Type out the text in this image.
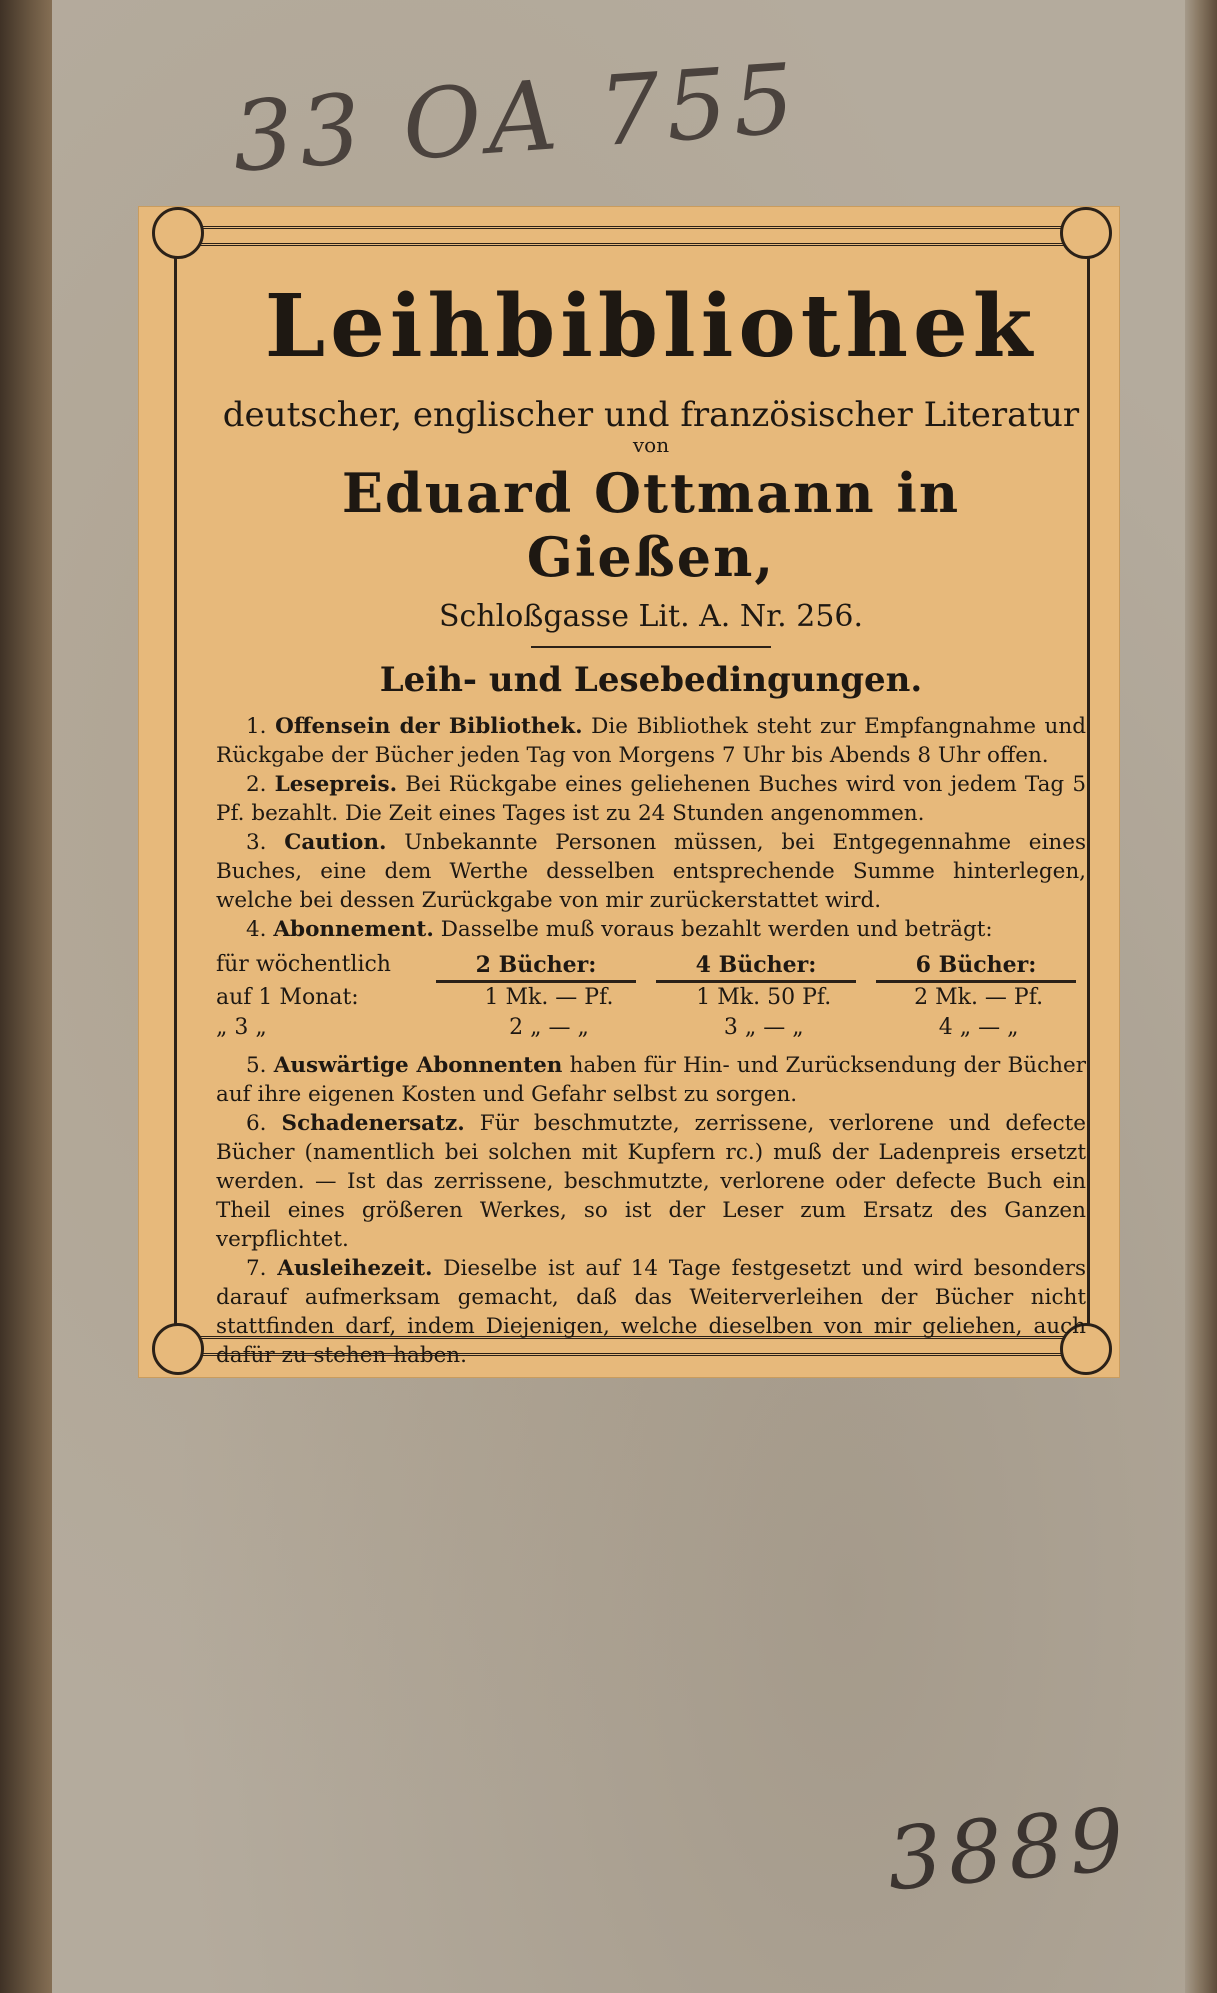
33 OA 755
Leihbibliothek
deutscher, englischer und französischer Literatur
von
Eduard Ottmann in Gießen,
Schloßgasse Lit. A. Nr. 256.
Leih- und Lesebedingungen.

1. Offensein der Bibliothek. Die Bibliothek steht zur Empfangnahme und Rückgabe der Bücher jeden Tag von Morgens 7 Uhr bis Abends 8 Uhr offen.

2. Lesepreis. Bei Rückgabe eines geliehenen Buches wird von jedem Tag 5 Pf. bezahlt. Die Zeit eines Tages ist zu 24 Stunden angenommen.

3. Caution. Unbekannte Personen müssen, bei Entgegennahme eines Buches, eine dem Werthe desselben entsprechende Summe hinterlegen, welche bei dessen Zurückgabe von mir zurückerstattet wird.

4. Abonnement. Dasselbe muß voraus bezahlt werden und beträgt:

für wöchentlich	2 Bücher:	4 Bücher:	6 Bücher:
auf 1 Monat:	1 Mk. — Pf.	1 Mk. 50 Pf.	2 Mk. — Pf.
„ 3 „	2 „ — „	3 „ — „	4 „ — „

5. Auswärtige Abonnenten haben für Hin- und Zurücksendung der Bücher auf ihre eigenen Kosten und Gefahr selbst zu sorgen.

6. Schadenersatz. Für beschmutzte, zerrissene, verlorene und defecte Bücher (namentlich bei solchen mit Kupfern rc.) muß der Ladenpreis ersetzt werden. — Ist das zerrissene, beschmutzte, verlorene oder defecte Buch ein Theil eines größeren Werkes, so ist der Leser zum Ersatz des Ganzen verpflichtet.

7. Ausleihezeit. Dieselbe ist auf 14 Tage festgesetzt und wird besonders darauf aufmerksam gemacht, daß das Weiterverleihen der Bücher nicht stattfinden darf, indem Diejenigen, welche dieselben von mir geliehen, auch dafür zu stehen haben.

3889
